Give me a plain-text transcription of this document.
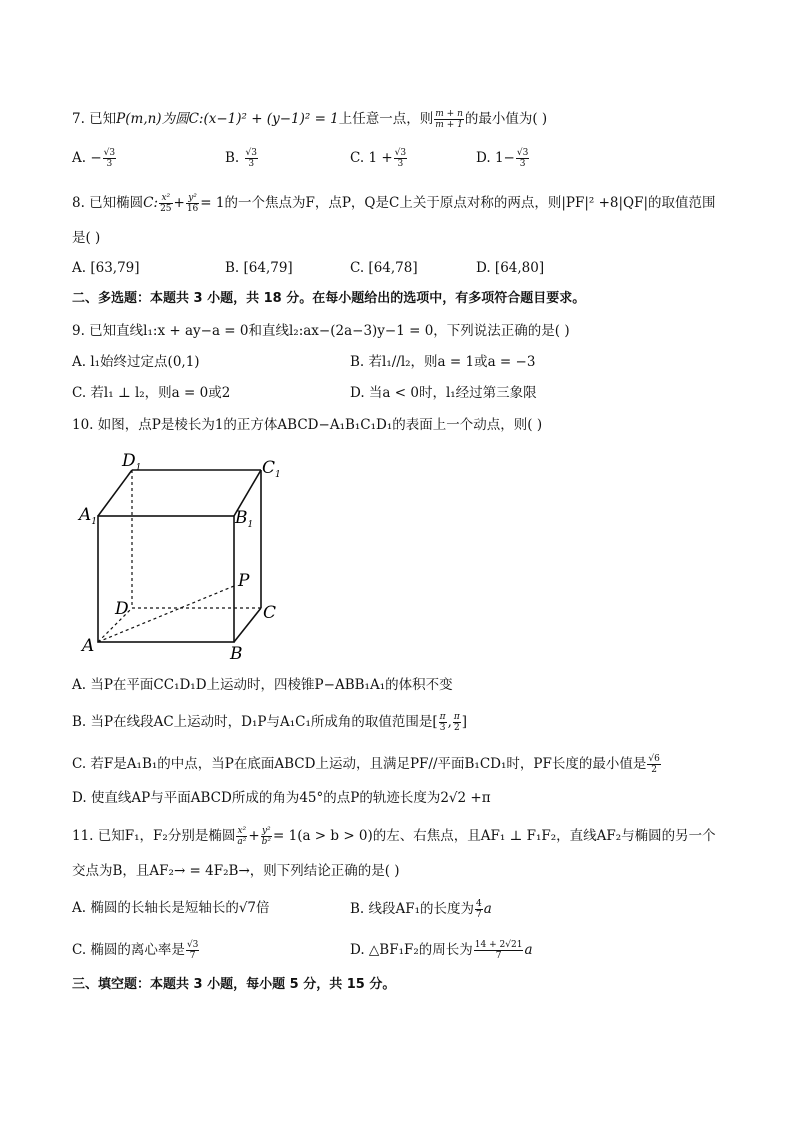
7. 已知P(m,n)为圆C:(x−1)² + (y−1)² = 1上任意一点，则 $\frac{m + n}{m + 1}$ 的最小值为( )
A. − $\frac{√3}{3}$	B. $\frac{√3}{3}$	C. $1 + \frac{√3}{3}$	D. $1- \frac{√3}{3}$
8. 已知椭圆C: $\frac{\text{x²}}{25} + \frac{\text{y²}}{16} = 1$的一个焦点为F，点P，Q是C上关于原点对称的两点，则|PF|² +8|QF|的取值范围
是( )
A. [63,79]	B. [64,79]	C. [64,78]	D. [64,80]
二、多选题：本题共 3 小题，共 18 分。在每小题给出的选项中，有多项符合题目要求。
9. 已知直线l₁:x + ay−a = 0和直线l₂:ax−(2a−3)y−1 = 0，下列说法正确的是( )
A. l₁始终过定点(0,1)	B. 若l₁//l₂，则a = 1或a = −3
C. 若l₁ ⊥ l₂，则a = 0或2	D. 当a < 0时，l₁经过第三象限
10. 如图，点P是棱长为1的正方体ABCD−A₁B₁C₁D₁的表面上一个动点，则( )
$D_1$	$C_1$
$A_1$	$B_1$
P
D	C
A	B
A. 当P在平面CC₁D₁D上运动时，四棱锥P−ABB₁A₁的体积不变
B. 当P在线段AC上运动时，D₁P与A₁C₁所成角的取值范围是[ $\frac{\pi}{3}$ , $\frac{\pi}{2}$ ]
C. 若F是A₁B₁的中点，当P在底面ABCD上运动，且满足PF//平面B₁CD₁时，PF长度的最小值是 $\frac{√6}{2}$
D. 使直线AP与平面ABCD所成的角为45°的点P的轨迹长度为2√2 +π
11. 已知F₁，F₂分别是椭圆 $\frac{\text{x²}}{\text{a²}} + \frac{\text{y²}}{\text{b²}} = 1(a > b > 0)$的左、右焦点，且AF₁ ⊥ F₁F₂，直线AF₂与椭圆的另一个
交点为B，且AF₂→ = 4F₂B→，则下列结论正确的是( )
A. 椭圆的长轴长是短轴长的√7倍	B. 线段AF₁的长度为 $\frac{4}{7}$ a
C. 椭圆的离心率是 $\frac{√3}{7}$	D. △BF₁F₂的周长为 $\frac{14 + 2√21}{7}$ a
三、填空题：本题共 3 小题，每小题 5 分，共 15 分。
